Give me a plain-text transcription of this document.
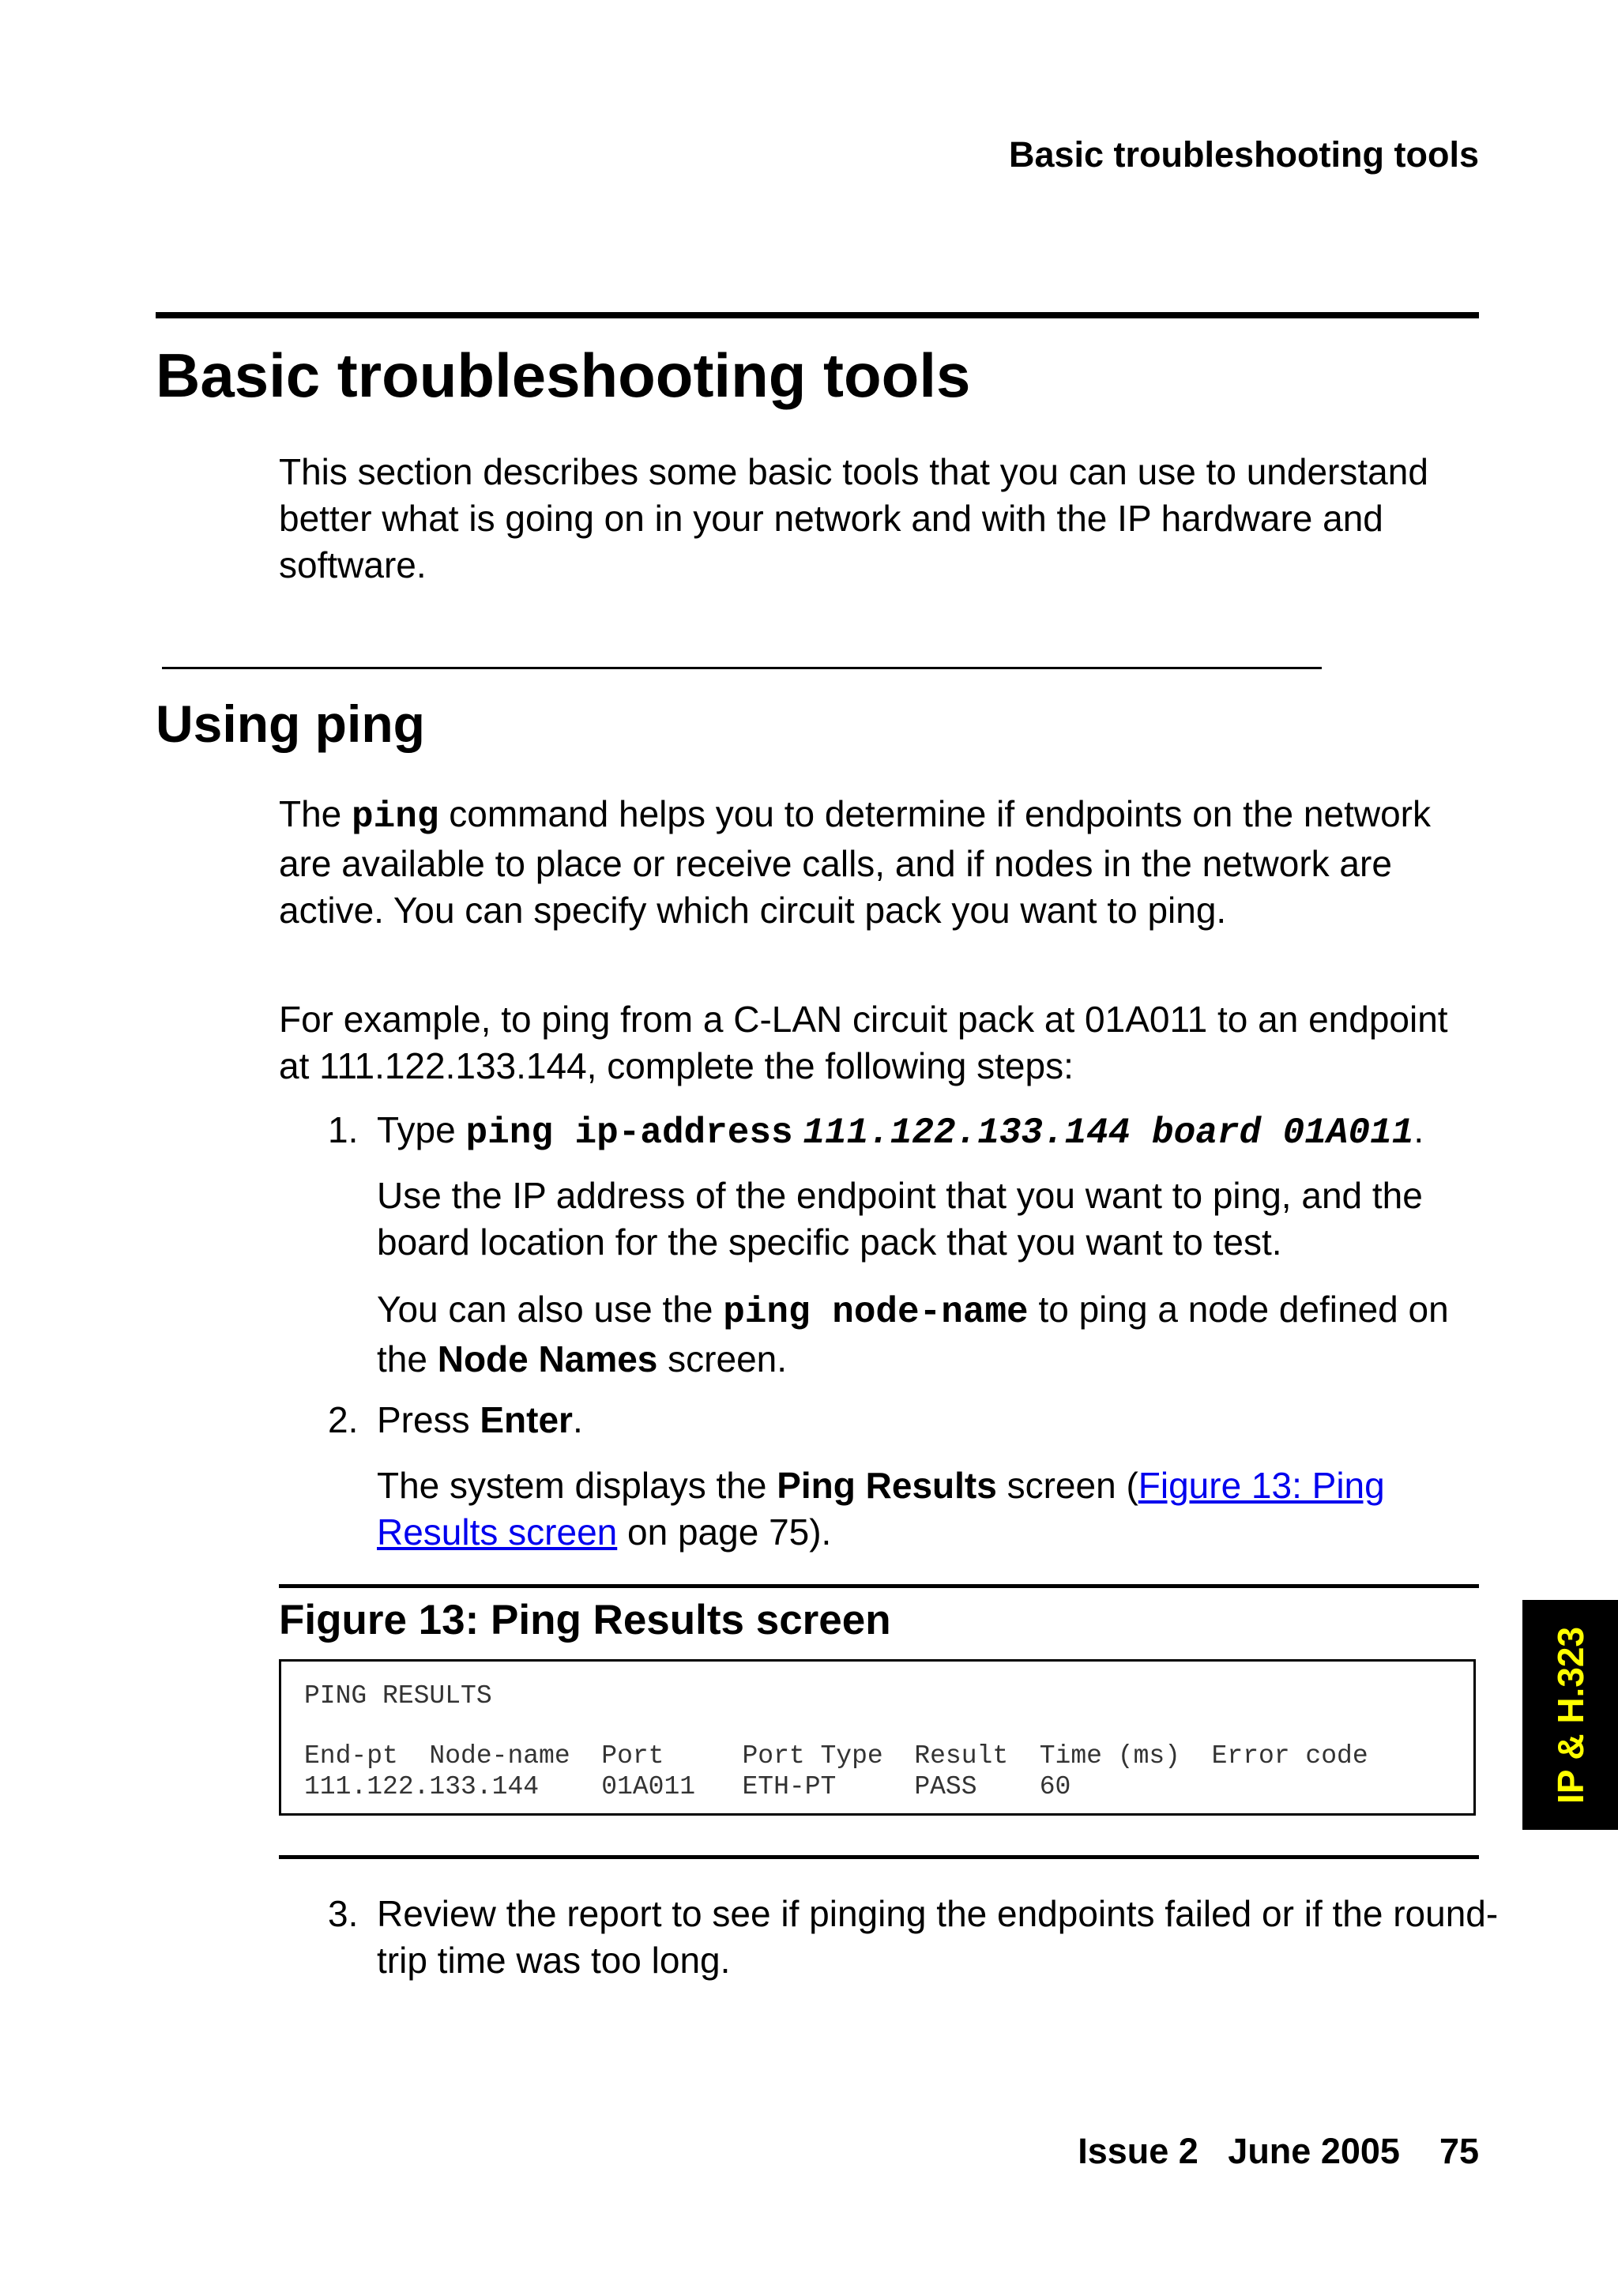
Basic troubleshooting tools
Basic troubleshooting tools
This section describes some basic tools that you can use to understand better what is going on in your network and with the IP hardware and software.
Using ping
The ping command helps you to determine if endpoints on the network are available to place or receive calls, and if nodes in the network are active. You can specify which circuit pack you want to ping.
For example, to ping from a C-LAN circuit pack at 01A011 to an endpoint at 111.122.133.144, complete the following steps:
1. Type ping ip-address 111.122.133.144 board 01A011.
Use the IP address of the endpoint that you want to ping, and the board location for the specific pack that you want to test.
You can also use the ping node-name to ping a node defined on the Node Names screen.
2. Press Enter.
The system displays the Ping Results screen (Figure 13: Ping Results screen on page 75).
Figure 13: Ping Results screen
PING RESULTS
End-pt  Node-name  Port     Port Type  Result  Time (ms)  Error code
111.122.133.144    01A011   ETH-PT     PASS    60
3. Review the report to see if pinging the endpoints failed or if the round-trip time was too long.
IP & H.323
Issue 2   June 2005    75
